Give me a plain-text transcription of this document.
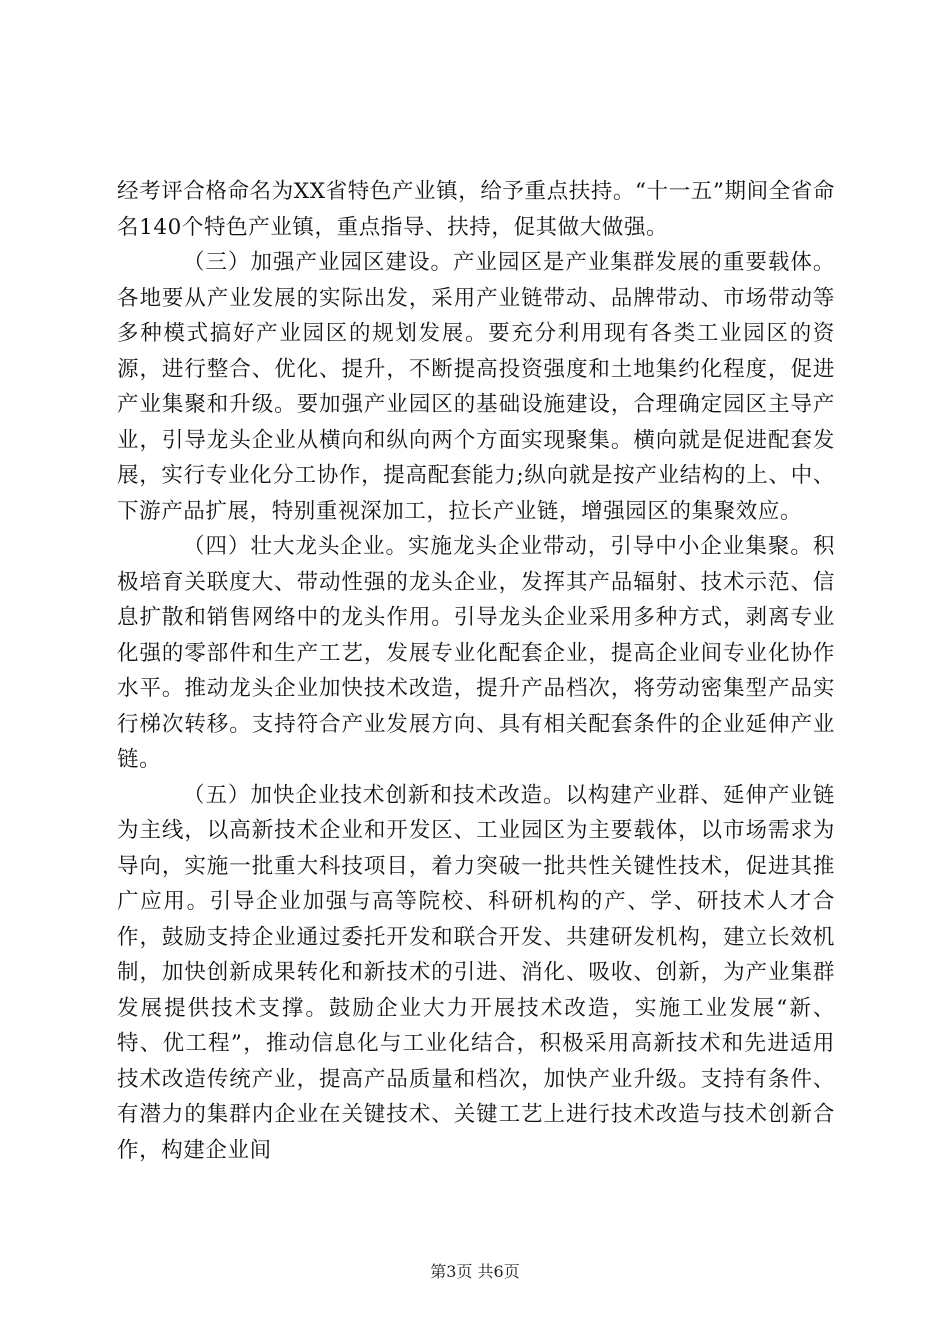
经考评合格命名为XX省特色产业镇，给予重点扶持。“十一五”期间全省命名140个特色产业镇，重点指导、扶持，促其做大做强。

（三）加强产业园区建设。产业园区是产业集群发展的重要载体。各地要从产业发展的实际出发，采用产业链带动、品牌带动、市场带动等多种模式搞好产业园区的规划发展。要充分利用现有各类工业园区的资源，进行整合、优化、提升，不断提高投资强度和土地集约化程度，促进产业集聚和升级。要加强产业园区的基础设施建设，合理确定园区主导产业，引导龙头企业从横向和纵向两个方面实现聚集。横向就是促进配套发展，实行专业化分工协作，提高配套能力;纵向就是按产业结构的上、中、下游产品扩展，特别重视深加工，拉长产业链，增强园区的集聚效应。

（四）壮大龙头企业。实施龙头企业带动，引导中小企业集聚。积极培育关联度大、带动性强的龙头企业，发挥其产品辐射、技术示范、信息扩散和销售网络中的龙头作用。引导龙头企业采用多种方式，剥离专业化强的零部件和生产工艺，发展专业化配套企业，提高企业间专业化协作水平。推动龙头企业加快技术改造，提升产品档次，将劳动密集型产品实行梯次转移。支持符合产业发展方向、具有相关配套条件的企业延伸产业链。

（五）加快企业技术创新和技术改造。以构建产业群、延伸产业链为主线，以高新技术企业和开发区、工业园区为主要载体，以市场需求为导向，实施一批重大科技项目，着力突破一批共性关键性技术，促进其推广应用。引导企业加强与高等院校、科研机构的产、学、研技术人才合作，鼓励支持企业通过委托开发和联合开发、共建研发机构，建立长效机制，加快创新成果转化和新技术的引进、消化、吸收、创新，为产业集群发展提供技术支撑。鼓励企业大力开展技术改造，实施工业发展“新、特、优工程”，推动信息化与工业化结合，积极采用高新技术和先进适用技术改造传统产业，提高产品质量和档次，加快产业升级。支持有条件、有潜力的集群内企业在关键技术、关键工艺上进行技术改造与技术创新合作，构建企业间

第3页 共6页
